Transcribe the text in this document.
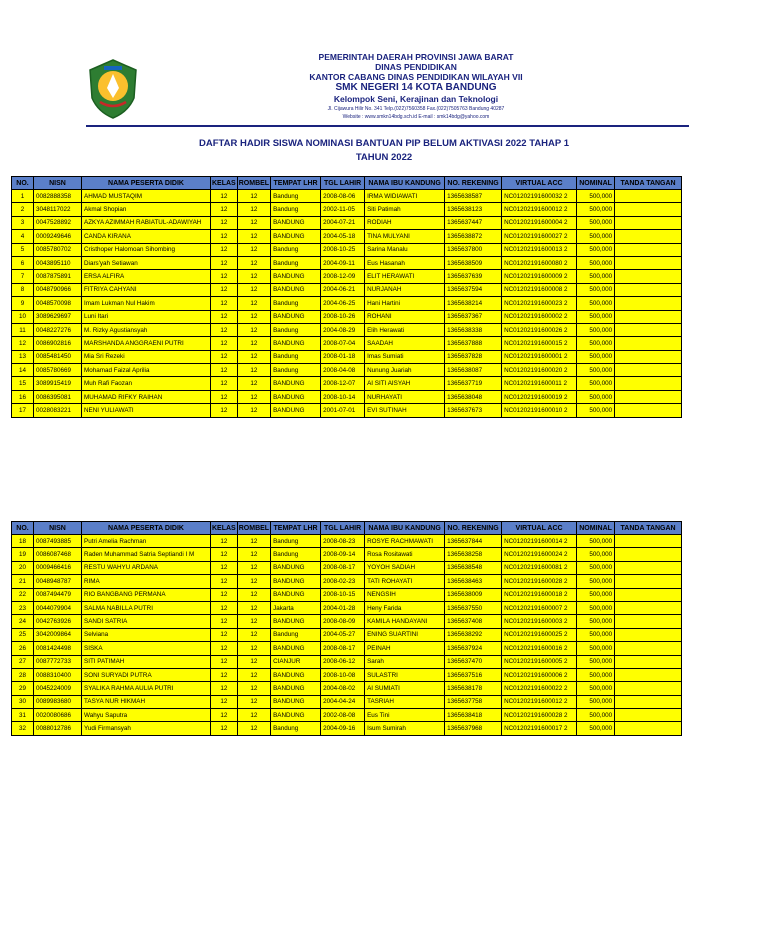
PEMERINTAH DAERAH PROVINSI JAWA BARAT
DINAS PENDIDIKAN
KANTOR CABANG DINAS PENDIDIKAN WILAYAH VII
SMK NEGERI 14 KOTA BANDUNG
Kelompok Seni, Kerajinan dan Teknologi
Jl. Cijawura Hilir No. 341 Telp.(022)7560358 Fax.(022)7505763 Bandung 40287
Website : www.smkn14bdg.sch.id E-mail : smk14bdg@yahoo.com
DAFTAR HADIR SISWA NOMINASI BANTUAN PIP BELUM AKTIVASI 2022 TAHAP 1
TAHUN 2022
NO.	NISN	NAMA PESERTA DIDIK	KELAS	ROMBEL	TEMPAT LHR	TGL LAHIR	NAMA IBU KANDUNG	NO. REKENING	VIRTUAL ACC	NOMINAL	TANDA TANGAN
1	0082888358	AHMAD MUSTAQIM	12	12	Bandung	2008-08-06	IRMA WIDIAWATI	1365638587	NC01202191600032 2	500,000	
2	3048117022	Akmal Shopian	12	12	Bandung	2002-11-05	Siti Patimah	1365638123	NC01202191600012 2	500,000	
3	0047528892	AZKYA AZIMMAH RABIATUL-ADAWIYAH	12	12	BANDUNG	2004-07-21	RODIAH	1365637447	NC01202191600004 2	500,000	
4	0009249646	CANDA KIRANA	12	12	BANDUNG	2004-05-18	TINA MULYANI	1365638872	NC01202191600027 2	500,000	
5	0085780702	Cristhoper Halomoan Sihombing	12	12	Bandung	2008-10-25	Sarina Manalu	1365637800	NC01202191600013 2	500,000	
6	0043895110	Diars'yah Setiawan	12	12	Bandung	2004-09-11	Eus Hasanah	1365638509	NC01202191600080 2	500,000	
7	0087875891	ERSA ALFIRA	12	12	BANDUNG	2008-12-09	ELIT HERAWATI	1365637639	NC01202191600009 2	500,000	
8	0048790966	FITRIYA CAHYANI	12	12	BANDUNG	2004-06-21	NURJANAH	1365637594	NC01202191600008 2	500,000	
9	0048570098	Imam Lukman Nul Hakim	12	12	Bandung	2004-06-25	Hani Hartini	1365638214	NC01202191600023 2	500,000	
10	3089629697	Luni Itari	12	12	BANDUNG	2008-10-26	ROHANI	1365637367	NC01202191600002 2	500,000	
11	0048227276	M. Rizky Agustiansyah	12	12	Bandung	2004-08-29	Elih Herawati	1365638338	NC01202191600026 2	500,000	
12	0086902816	MARSHANDA ANGGRAENI PUTRI	12	12	BANDUNG	2008-07-04	SAADAH	1365637888	NC01202191600015 2	500,000	
13	0085481450	Mia Sri Rezeki	12	12	Bandung	2008-01-18	Imas Sumiati	1365637828	NC01202191600001 2	500,000	
14	0085780669	Mohamad Faizal Aprilia	12	12	Bandung	2008-04-08	Nunung Juariah	1365638087	NC01202191600020 2	500,000	
15	3089915419	Muh Rafi Faozan	12	12	BANDUNG	2008-12-07	AI SITI AISYAH	1365637719	NC01202191600011 2	500,000	
16	0086395081	MUHAMAD RIFKY RAIHAN	12	12	BANDUNG	2008-10-14	NURHAYATI	1365638048	NC01202191600019 2	500,000	
17	0028083221	NENI YULIAWATI	12	12	BANDUNG	2001-07-01	EVI SUTINAH	1365637673	NC01202191600010 2	500,000	
NO.	NISN	NAMA PESERTA DIDIK	KELAS	ROMBEL	TEMPAT LHR	TGL LAHIR	NAMA IBU KANDUNG	NO. REKENING	VIRTUAL ACC	NOMINAL	TANDA TANGAN
18	0087493885	Putri Amelia Rachman	12	12	Bandung	2008-08-23	ROSYE RACHMAWATI	1365637844	NC01202191600014 2	500,000	
19	0086087468	Raden Muhammad Satria Septiandi I M	12	12	Bandung	2008-09-14	Rosa Rositawati	1365638258	NC01202191600024 2	500,000	
20	0009466416	RESTU WAHYU ARDANA	12	12	BANDUNG	2008-08-17	YOYOH SADIAH	1365638548	NC01202191600081 2	500,000	
21	0048948787	RIMA	12	12	BANDUNG	2008-02-23	TATI ROHAYATI	1365638463	NC01202191600028 2	500,000	
22	0087494479	RIO BANGBANG PERMANA	12	12	BANDUNG	2008-10-15	NENGSIH	1365638009	NC01202191600018 2	500,000	
23	0044079904	SALMA NABILLA PUTRI	12	12	Jakarta	2004-01-28	Heny Farida	1365637550	NC01202191600007 2	500,000	
24	0042763926	SANDI SATRIA	12	12	BANDUNG	2008-08-09	KAMILA HANDAYANI	1365637408	NC01202191600003 2	500,000	
25	3042009864	Selviana	12	12	Bandung	2004-05-27	ENING SUARTINI	1365638292	NC01202191600025 2	500,000	
26	0081424498	SISKA	12	12	BANDUNG	2008-08-17	PEINAH	1365637924	NC01202191600016 2	500,000	
27	0087772733	SITI PATIMAH	12	12	CIANJUR	2008-06-12	Sarah	1365637470	NC01202191600005 2	500,000	
28	0088310400	SONI SURYADI PUTRA	12	12	BANDUNG	2008-10-08	SULASTRI	1365637516	NC01202191600006 2	500,000	
29	0045224009	SYALIKA RAHMA AULIA PUTRI	12	12	BANDUNG	2004-08-02	AI SUMIATI	1365638178	NC01202191600022 2	500,000	
30	0089983680	TASYA NUR HIKMAH	12	12	BANDUNG	2004-04-24	TASRIAH	1365637758	NC01202191600012 2	500,000	
31	0020080686	Wahyu Saputra	12	12	BANDUNG	2002-08-08	Eus Tini	1365638418	NC01202191600028 2	500,000	
32	0088012786	Yudi Firmansyah	12	12	Bandung	2004-09-16	Isum Sumirah	1365637968	NC01202191600017 2	500,000	
